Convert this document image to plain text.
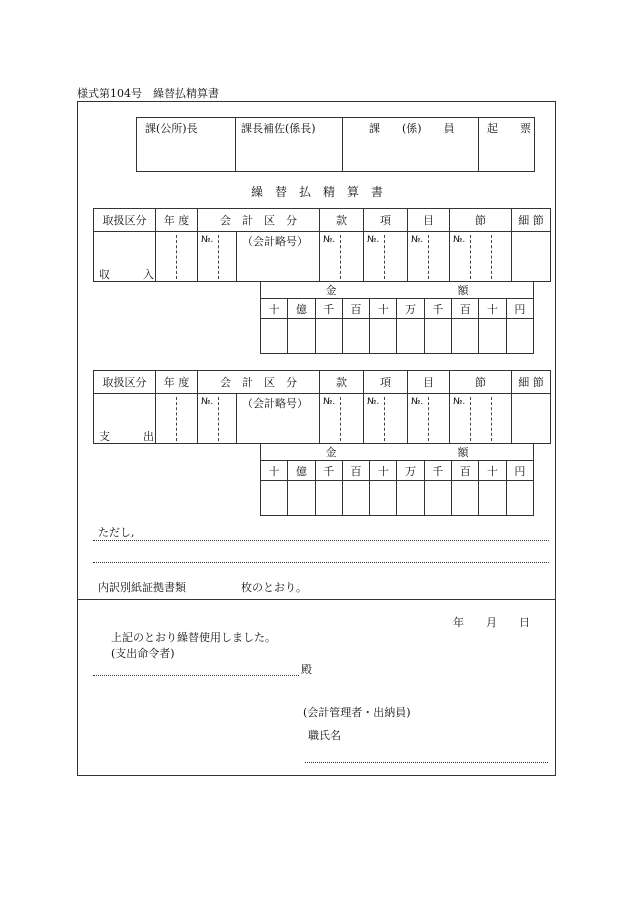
様式第104号　繰替払精算書
課(公所)長	課長補佐(係長)	課　　(係)　　員	起　　票
繰　替　払　精　算　書
取扱区分	年 度	会　計　区　分	款	項	目	節	細 節

収　　　入		№. （会計略号）	№.	№.	№.	№.	

金　　　　　　　　　　　額									
十	億	千	百	十	万	千	百	十	円

取扱区分	年 度	会　計　区　分	款	項	目	節	細 節

支　　　出		№. （会計略号）	№.	№.	№.	№.	

金　　　　　　　　　　　額									
十	億	千	百	十	万	千	百	十	円

ただし,
内訳別紙証拠書類	枚のとおり。
年　　月　　日
上記のとおり繰替使用しました。
(支出命令者)
殿
(会計管理者・出納員)
職氏名
